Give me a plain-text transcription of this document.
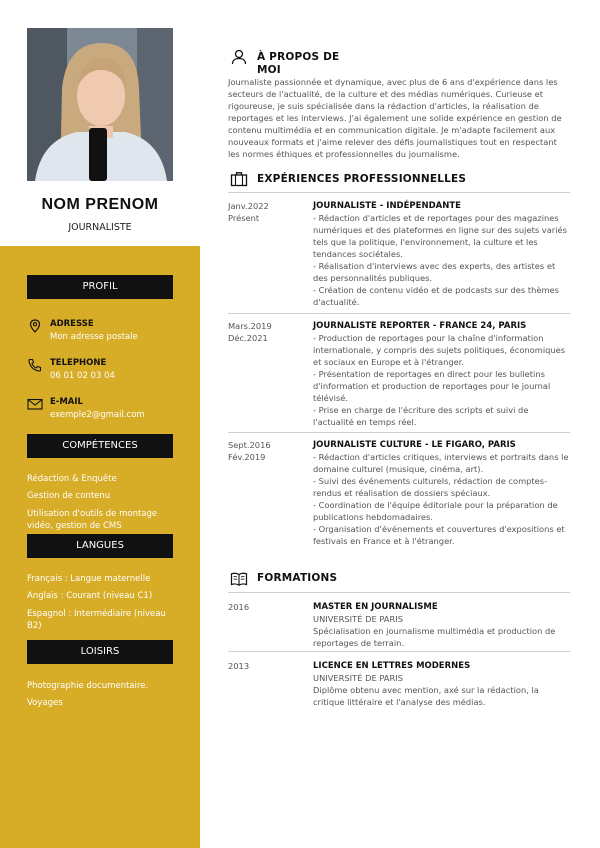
NOM PRENOM
JOURNALISTE
PROFIL
ADRESSE
Mon adresse postale
TELEPHONE
06 01 02 03 04
E-MAIL
exemple2@gmail.com
COMPÉTENCES
Rédaction & Enquête
Gestion de contenu
Utilisation d'outils de montage vidéo, gestion de CMS
LANGUES
Français : Langue maternelle
Anglais : Courant (niveau C1)
Espagnol : Intermédiaire (niveau B2)
LOISIRS
Photographie documentaire.
Voyages
À PROPOS DE MOI
Journaliste passionnée et dynamique, avec plus de 6 ans d'expérience dans les secteurs de l'actualité, de la culture et des médias numériques. Curieuse et rigoureuse, je suis spécialisée dans la rédaction d'articles, la réalisation de reportages et les interviews. J'ai également une solide expérience en gestion de contenu multimédia et en communication digitale. Je m'adapte facilement aux nouveaux formats et j'aime relever des défis journalistiques tout en respectant les normes éthiques et professionnelles du journalisme.
EXPÉRIENCES PROFESSIONNELLES
Janv.2022
Présent
JOURNALISTE - INDÉPENDANTE
- Rédaction d'articles et de reportages pour des magazines numériques et des plateformes en ligne sur des sujets variés tels que la politique, l'environnement, la culture et les tendances sociétales.
- Réalisation d'interviews avec des experts, des artistes et des personnalités publiques.
- Création de contenu vidéo et de podcasts sur des thèmes d'actualité.
Mars.2019
Déc.2021
JOURNALISTE REPORTER - FRANCE 24, PARIS
- Production de reportages pour la chaîne d'information internationale, y compris des sujets politiques, économiques et sociaux en Europe et à l'étranger.
- Présentation de reportages en direct pour les bulletins d'information et production de reportages pour le journal télévisé.
- Prise en charge de l'écriture des scripts et suivi de l'actualité en temps réel.
Sept.2016
Fév.2019
JOURNALISTE CULTURE - LE FIGARO, PARIS
- Rédaction d'articles critiques, interviews et portraits dans le domaine culturel (musique, cinéma, art).
- Suivi des événements culturels, rédaction de comptes-rendus et réalisation de dossiers spéciaux.
- Coordination de l'équipe éditoriale pour la préparation de publications hebdomadaires.
- Organisation d'événements et couvertures d'expositions et festivals en France et à l'étranger.
FORMATIONS
2016	MASTER EN JOURNALISME
UNIVERSITÉ DE PARIS
Spécialisation en journalisme multimédia et production de reportages de terrain.
2013	LICENCE EN LETTRES MODERNES
UNIVERSITÉ DE PARIS
Diplôme obtenu avec mention, axé sur la rédaction, la critique littéraire et l'analyse des médias.
